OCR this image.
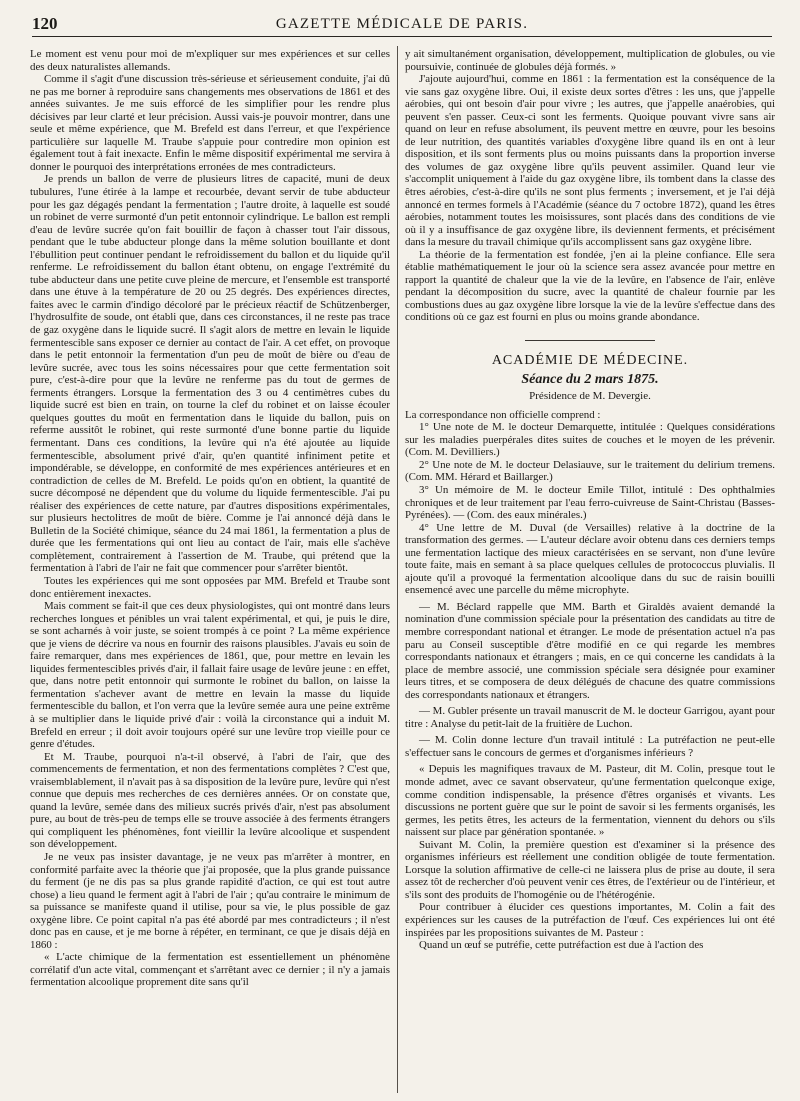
120	GAZETTE MÉDICALE DE PARIS.

Le moment est venu pour moi de m'expliquer sur mes expériences et sur celles des deux naturalistes allemands.

Comme il s'agit d'une discussion très-sérieuse et sérieusement conduite, j'ai dû ne pas me borner à reproduire sans changements mes observations de 1861 et des années suivantes. Je me suis efforcé de les simplifier pour les rendre plus décisives par leur clarté et leur précision. Aussi vais-je pouvoir montrer, dans une seule et même expérience, que M. Brefeld est dans l'erreur, et que l'expérience particulière sur laquelle M. Traube s'appuie pour contredire mon opinion est également tout à fait inexacte. Enfin le même dispositif expérimental me servira à donner le pourquoi des interprétations erronées de mes contradicteurs.

Je prends un ballon de verre de plusieurs litres de capacité, muni de deux tubulures, l'une étirée à la lampe et recourbée, devant servir de tube abducteur pour les gaz dégagés pendant la fermentation ; l'autre droite, à laquelle est soudé un robinet de verre surmonté d'un petit entonnoir cylindrique. Le ballon est rempli d'eau de levûre sucrée qu'on fait bouillir de façon à chasser tout l'air dissous, pendant que le tube abducteur plonge dans la même solution bouillante et dont l'ébullition peut continuer pendant le refroidissement du ballon et du liquide qu'il renferme. Le refroidissement du ballon étant obtenu, on engage l'extrémité du tube abducteur dans une petite cuve pleine de mercure, et l'ensemble est transporté dans une étuve à la température de 20 ou 25 degrés. Des expériences directes, faites avec le carmin d'indigo décoloré par le précieux réactif de Schützenberger, l'hydrosulfite de soude, ont établi que, dans ces circonstances, il ne reste pas trace de gaz oxygène dans le liquide sucré. Il s'agit alors de mettre en levain le liquide fermentescible sans exposer ce dernier au contact de l'air. A cet effet, on provoque dans le petit entonnoir la fermentation d'un peu de moût de bière ou d'eau de levûre sucrée, avec tous les soins nécessaires pour que cette fermentation soit pure, c'est-à-dire pour que la levûre ne renferme pas du tout de germes de ferments étrangers. Lorsque la fermentation des 3 ou 4 centimètres cubes du liquide sucré est bien en train, on tourne la clef du robinet et on laisse écouler quelques gouttes du moût en fermentation dans le liquide du ballon, puis on referme aussitôt le robinet, qui reste surmonté d'une bonne partie du liquide fermentant. Dans ces conditions, la levûre qui n'a été ajoutée au liquide fermentescible, absolument privé d'air, qu'en quantité infiniment petite et impondérable, se développe, en conformité de mes expériences antérieures et en contradiction de celles de M. Brefeld. Le poids qu'on en obtient, la quantité de sucre décomposé ne dépendent que du volume du liquide fermentescible. J'ai pu réaliser des expériences de cette nature, par d'autres dispositions expérimentales, sur plusieurs hectolitres de moût de bière. Comme je l'ai annoncé déjà dans le Bulletin de la Société chimique, séance du 24 mai 1861, la fermentation a plus de durée que les fermentations qui ont lieu au contact de l'air, mais elle s'achève complètement, contrairement à l'assertion de M. Traube, qui prétend que la fermentation à l'abri de l'air ne fait que commencer pour s'arrêter bientôt.

Toutes les expériences qui me sont opposées par MM. Brefeld et Traube sont donc entièrement inexactes.

Mais comment se fait-il que ces deux physiologistes, qui ont montré dans leurs recherches longues et pénibles un vrai talent expérimental, et qui, je puis le dire, se sont acharnés à voir juste, se soient trompés à ce point ? La même expérience que je viens de décrire va nous en fournir des raisons plausibles. J'avais eu soin de faire remarquer, dans mes expériences de 1861, que, pour mettre en levain les liquides fermentescibles privés d'air, il fallait faire usage de levûre jeune : en effet, que, dans notre petit entonnoir qui surmonte le robinet du ballon, on laisse la fermentation s'achever avant de mettre en levain la masse du liquide fermentescible du ballon, et l'on verra que la levûre semée aura une peine extrême à se multiplier dans le liquide privé d'air : voilà la circonstance qui a induit M. Brefeld en erreur ; il doit avoir toujours opéré sur une levûre trop vieille pour ce genre d'études.

Et M. Traube, pourquoi n'a-t-il observé, à l'abri de l'air, que des commencements de fermentation, et non des fermentations complètes ? C'est que, vraisemblablement, il n'avait pas à sa disposition de la levûre pure, levûre qui n'est connue que depuis mes recherches de ces dernières années. Or on constate que, quand la levûre, semée dans des milieux sucrés privés d'air, n'est pas absolument pure, au bout de très-peu de temps elle se trouve associée à des ferments étrangers qui compliquent les phénomènes, font vieillir la levûre alcoolique et suspendent son développement.

Je ne veux pas insister davantage, je ne veux pas m'arrêter à montrer, en conformité parfaite avec la théorie que j'ai proposée, que la plus grande puissance du ferment (je ne dis pas sa plus grande rapidité d'action, ce qui est tout autre chose) a lieu quand le ferment agit à l'abri de l'air ; qu'au contraire le minimum de sa puissance se manifeste quand il utilise, pour sa vie, le plus possible de gaz oxygène libre. Ce point capital n'a pas été abordé par mes contradicteurs ; il n'est donc pas en cause, et je me borne à répéter, en terminant, ce que je disais déjà en 1860 :

« L'acte chimique de la fermentation est essentiellement un phénomène corrélatif d'un acte vital, commençant et s'arrêtant avec ce dernier ; il n'y a jamais fermentation alcoolique proprement dite sans qu'il

y ait simultanément organisation, développement, multiplication de globules, ou vie poursuivie, continuée de globules déjà formés. »

J'ajoute aujourd'hui, comme en 1861 : la fermentation est la conséquence de la vie sans gaz oxygène libre. Oui, il existe deux sortes d'êtres : les uns, que j'appelle aérobies, qui ont besoin d'air pour vivre ; les autres, que j'appelle anaérobies, qui peuvent s'en passer. Ceux-ci sont les ferments. Quoique pouvant vivre sans air quand on leur en refuse absolument, ils peuvent mettre en œuvre, pour les besoins de leur nutrition, des quantités variables d'oxygène libre quand ils en ont à leur disposition, et ils sont ferments plus ou moins puissants dans la proportion inverse des volumes de gaz oxygène libre qu'ils peuvent assimiler. Quand leur vie s'accomplit uniquement à l'aide du gaz oxygène libre, ils tombent dans la classe des êtres aérobies, c'est-à-dire qu'ils ne sont plus ferments ; inversement, et je l'ai déjà annoncé en termes formels à l'Académie (séance du 7 octobre 1872), quand les êtres aérobies, notamment toutes les moisissures, sont placés dans des conditions de vie où il y a insuffisance de gaz oxygène libre, ils deviennent ferments, et précisément dans la mesure du travail chimique qu'ils accomplissent sans gaz oxygène libre.

La théorie de la fermentation est fondée, j'en ai la pleine confiance. Elle sera établie mathématiquement le jour où la science sera assez avancée pour mettre en rapport la quantité de chaleur que la vie de la levûre, en l'absence de l'air, enlève pendant la décomposition du sucre, avec la quantité de chaleur fournie par les combustions dues au gaz oxygène libre lorsque la vie de la levûre s'effectue dans des conditions où ce gaz est fourni en plus ou moins grande abondance.

ACADÉMIE DE MÉDECINE.
Séance du 2 mars 1875.
Présidence de M. Devergie.

La correspondance non officielle comprend :

1° Une note de M. le docteur Demarquette, intitulée : Quelques considérations sur les maladies puerpérales dites suites de couches et le moyen de les prévenir. (Com. M. Devilliers.)

2° Une note de M. le docteur Delasiauve, sur le traitement du delirium tremens. (Com. MM. Hérard et Baillarger.)

3° Un mémoire de M. le docteur Emile Tillot, intitulé : Des ophthalmies chroniques et de leur traitement par l'eau ferro-cuivreuse de Saint-Christau (Basses-Pyrénées). — (Com. des eaux minérales.)

4° Une lettre de M. Duval (de Versailles) relative à la doctrine de la transformation des germes. — L'auteur déclare avoir obtenu dans ces derniers temps une fermentation lactique des mieux caractérisées en se servant, non d'une levûre toute faite, mais en semant à sa place quelques cellules de protococcus pluvialis. Il ajoute qu'il a provoqué la fermentation alcoolique dans du suc de raisin bouilli ensemencé avec une parcelle du même microphyte.

— M. Béclard rappelle que MM. Barth et Giraldès avaient demandé la nomination d'une commission spéciale pour la présentation des candidats au titre de membre correspondant national et étranger. Le mode de présentation actuel n'a pas paru au Conseil susceptible d'être modifié en ce qui regarde les membres correspondants nationaux et étrangers ; mais, en ce qui concerne les candidats à la place de membre associé, une commission spéciale sera désignée pour examiner leurs titres, et se composera de deux délégués de chacune des quatre commissions des correspondants nationaux et étrangers.

— M. Gubler présente un travail manuscrit de M. le docteur Garrigou, ayant pour titre : Analyse du petit-lait de la fruitière de Luchon.

— M. Colin donne lecture d'un travail intitulé : La putréfaction ne peut-elle s'effectuer sans le concours de germes et d'organismes inférieurs ?

« Depuis les magnifiques travaux de M. Pasteur, dit M. Colin, presque tout le monde admet, avec ce savant observateur, qu'une fermentation quelconque exige, comme condition indispensable, la présence d'êtres organisés et vivants. Les discussions ne portent guère que sur le point de savoir si les ferments organisés, les germes, les petits êtres, les acteurs de la fermentation, viennent du dehors ou s'ils naissent sur place par génération spontanée. »

Suivant M. Colin, la première question est d'examiner si la présence des organismes inférieurs est réellement une condition obligée de toute fermentation. Lorsque la solution affirmative de celle-ci ne laissera plus de prise au doute, il sera assez tôt de rechercher d'où peuvent venir ces êtres, de l'extérieur ou de l'intérieur, et s'ils sont des produits de l'homogénie ou de l'hétérogénie.

Pour contribuer à élucider ces questions importantes, M. Colin a fait des expériences sur les causes de la putréfaction de l'œuf. Ces expériences lui ont été inspirées par les propositions suivantes de M. Pasteur :

Quand un œuf se putréfie, cette putréfaction est due à l'action des
